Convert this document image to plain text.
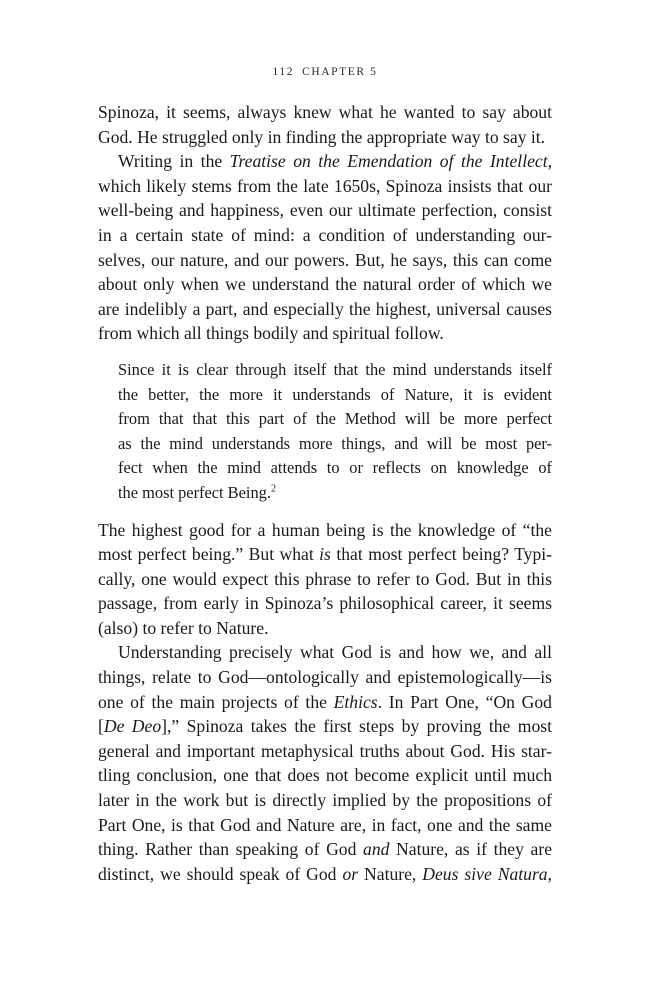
112 CHAPTER 5

Spinoza, it seems, always knew what he wanted to say about
God. He struggled only in finding the appropriate way to say it.

Writing in the Treatise on the Emendation of the Intellect,
which likely stems from the late 1650s, Spinoza insists that our
well-being and happiness, even our ultimate perfection, consist
in a certain state of mind: a condition of understanding our-
selves, our nature, and our powers. But, he says, this can come
about only when we understand the natural order of which we
are indelibly a part, and especially the highest, universal causes
from which all things bodily and spiritual follow.

Since it is clear through itself that the mind understands itself
the better, the more it understands of Nature, it is evident
from that that this part of the Method will be more perfect
as the mind understands more things, and will be most per-
fect when the mind attends to or reflects on knowledge of
the most perfect Being.$^2$

The highest good for a human being is the knowledge of “the
most perfect being.” But what is that most perfect being? Typi-
cally, one would expect this phrase to refer to God. But in this
passage, from early in Spinoza’s philosophical career, it seems
(also) to refer to Nature.

Understanding precisely what God is and how we, and all
things, relate to God—ontologically and epistemologically—is
one of the main projects of the Ethics. In Part One, “On God
[De Deo],” Spinoza takes the first steps by proving the most
general and important metaphysical truths about God. His star-
tling conclusion, one that does not become explicit until much
later in the work but is directly implied by the propositions of
Part One, is that God and Nature are, in fact, one and the same
thing. Rather than speaking of God and Nature, as if they are
distinct, we should speak of God or Nature, Deus sive Natura,
